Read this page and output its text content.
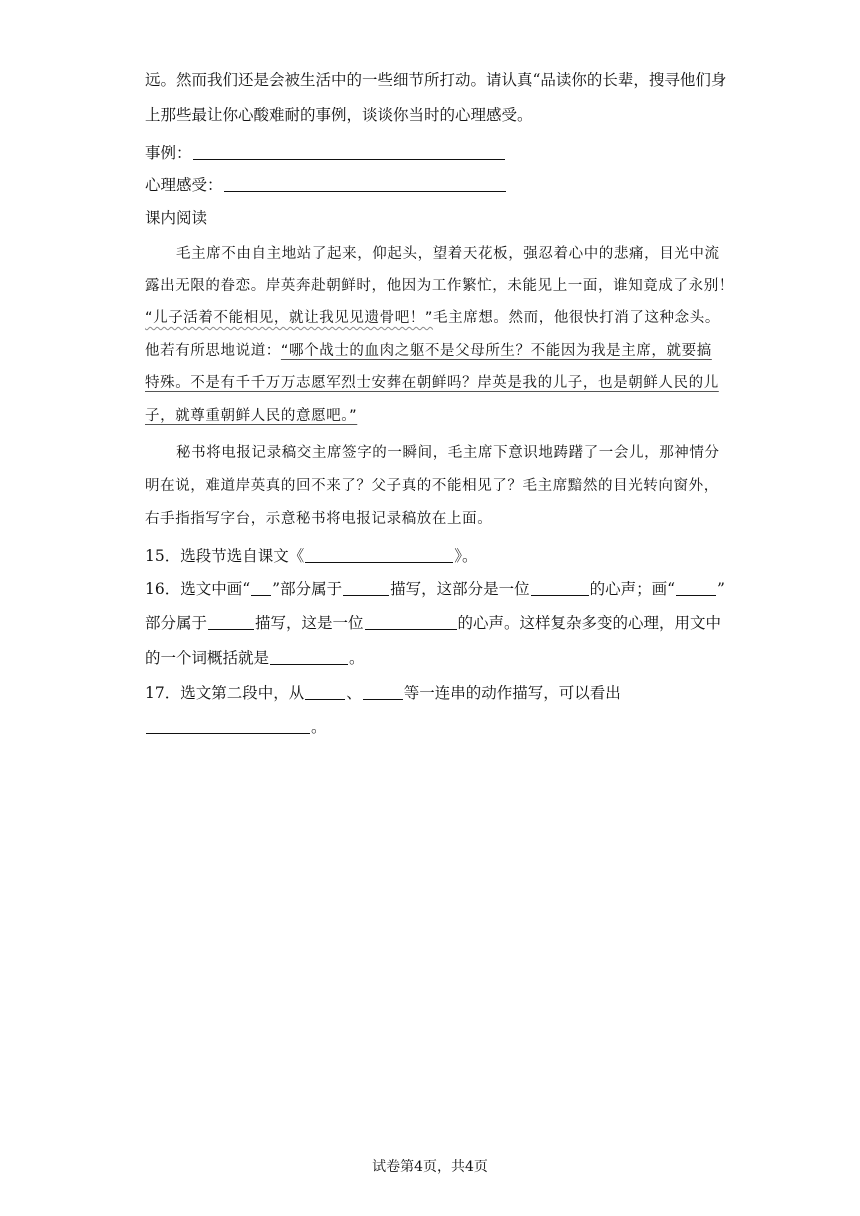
远。然而我们还是会被生活中的一些细节所打动。请认真“品读你的长辈，搜寻他们身
上那些最让你心酸难耐的事例，谈谈你当时的心理感受。
事例：
心理感受：
课内阅读
毛主席不由自主地站了起来，仰起头，望着天花板，强忍着心中的悲痛，目光中流
露出无限的眷恋。岸英奔赴朝鲜时，他因为工作繁忙，未能见上一面，谁知竟成了永别！
“儿子活着不能相见，就让我见见遗骨吧！”毛主席想。然而，他很快打消了这种念头。
他若有所思地说道：“哪个战士的血肉之躯不是父母所生？不能因为我是主席，就要搞
特殊。不是有千千万万志愿军烈士安葬在朝鲜吗？岸英是我的儿子，也是朝鲜人民的儿
子，就尊重朝鲜人民的意愿吧。”
秘书将电报记录稿交主席签字的一瞬间，毛主席下意识地踌躇了一会儿，那神情分
明在说，难道岸英真的回不来了？父子真的不能相见了？毛主席黯然的目光转向窗外，
右手指指写字台，示意秘书将电报记录稿放在上面。
15．选段节选自课文《	》。
16．选文中画“ ”部分属于	描写，这部分是一位	的心声；画“	”
部分属于	描写，这是一位	的心声。这样复杂多变的心理，用文中
的一个词概括就是	。
17．选文第二段中，从	、	等一连串的动作描写，可以看出
。
试卷第4页，共4页
